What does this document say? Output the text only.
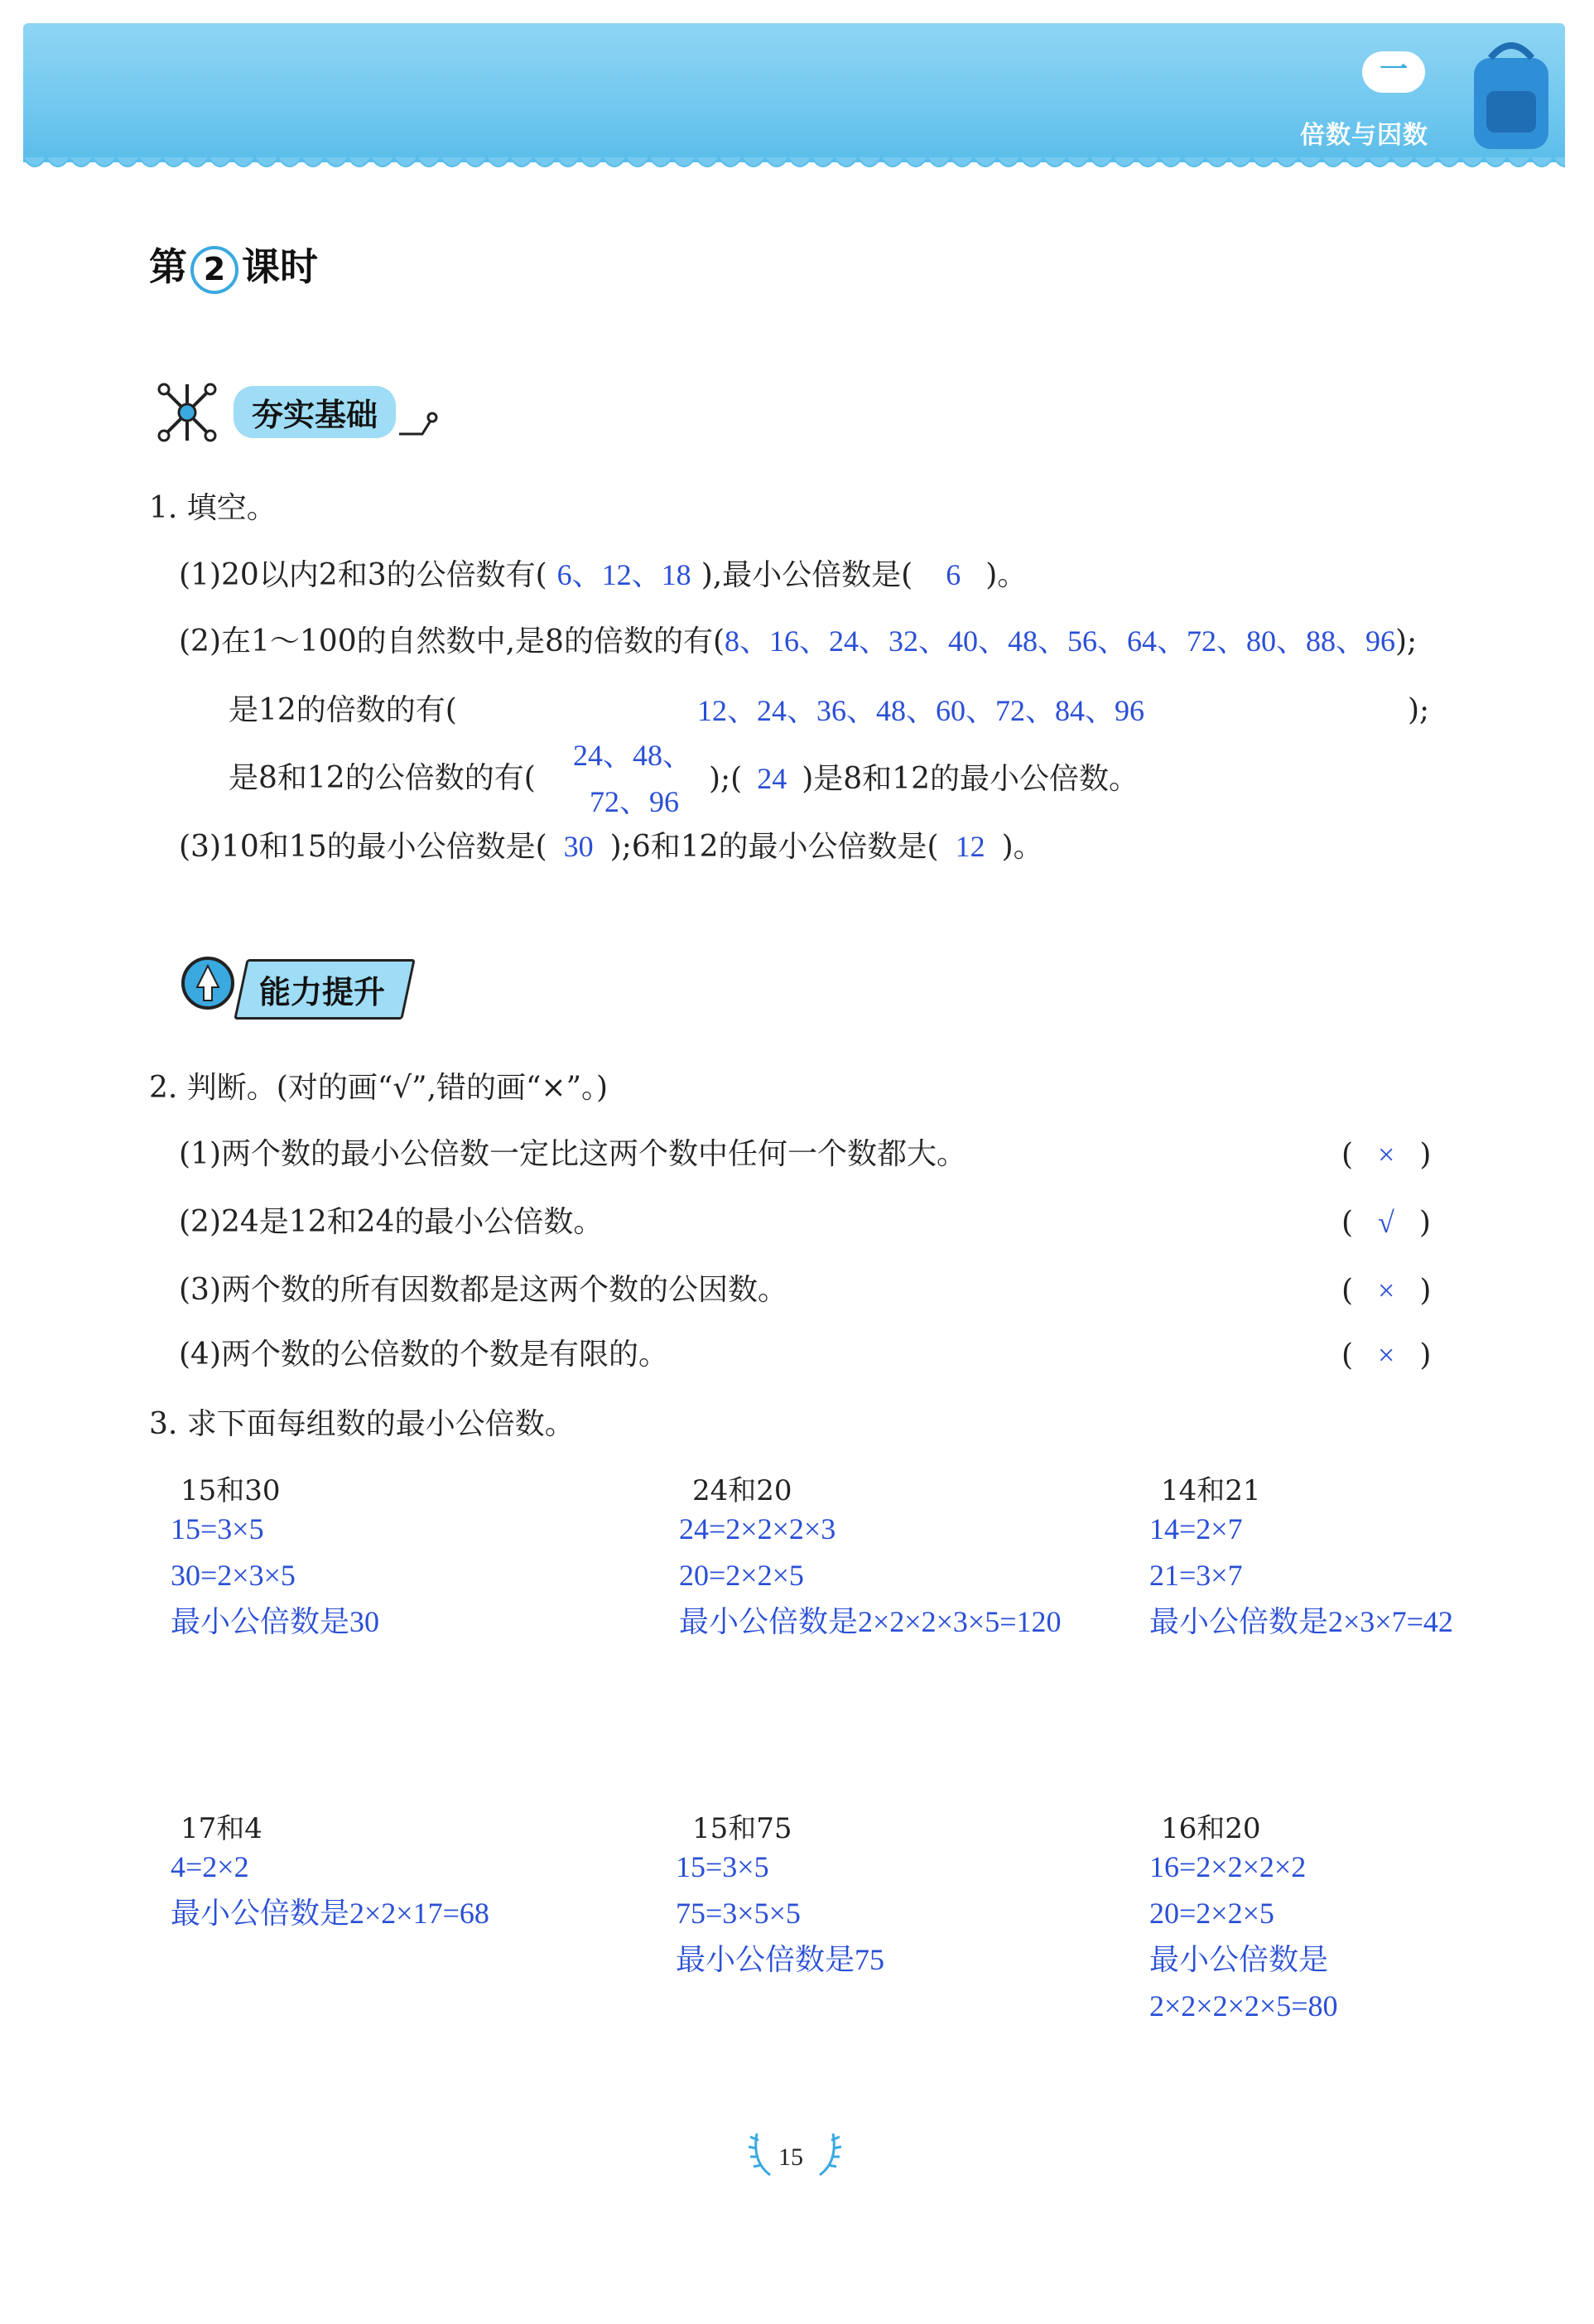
一
倍数与因数
第 2 课时
夯实基础
1. 填空。
(1)20以内2和3的公倍数有( 6、12、18 ),最小公倍数是( 6 )。
(2)在1～100的自然数中,是8的倍数的有(8、16、24、32、40、48、56、64、72、80、88、96);
是12的倍数的有(	12、24、36、48、60、72、84、96	);
是8和12的公倍数的有(
24、48、
72、96
);( 24 )是8和12的最小公倍数。
(3)10和15的最小公倍数是( 30 );6和12的最小公倍数是( 12 )。
能力提升
2. 判断。(对的画“√”,错的画“×”。)
(1)两个数的最小公倍数一定比这两个数中任何一个数都大。	( × )
(2)24是12和24的最小公倍数。	( √ )
(3)两个数的所有因数都是这两个数的公因数。	( × )
(4)两个数的公倍数的个数是有限的。	( × )
3. 求下面每组数的最小公倍数。
15和30
15=3×5
30=2×3×5
最小公倍数是30
24和20
24=2×2×2×3
20=2×2×5
最小公倍数是2×2×2×3×5=120
14和21
14=2×7
21=3×7
最小公倍数是2×3×7=42
17和4
4=2×2
最小公倍数是2×2×17=68
15和75
15=3×5
75=3×5×5
最小公倍数是75
16和20
16=2×2×2×2
20=2×2×5
最小公倍数是
2×2×2×2×5=80
15
